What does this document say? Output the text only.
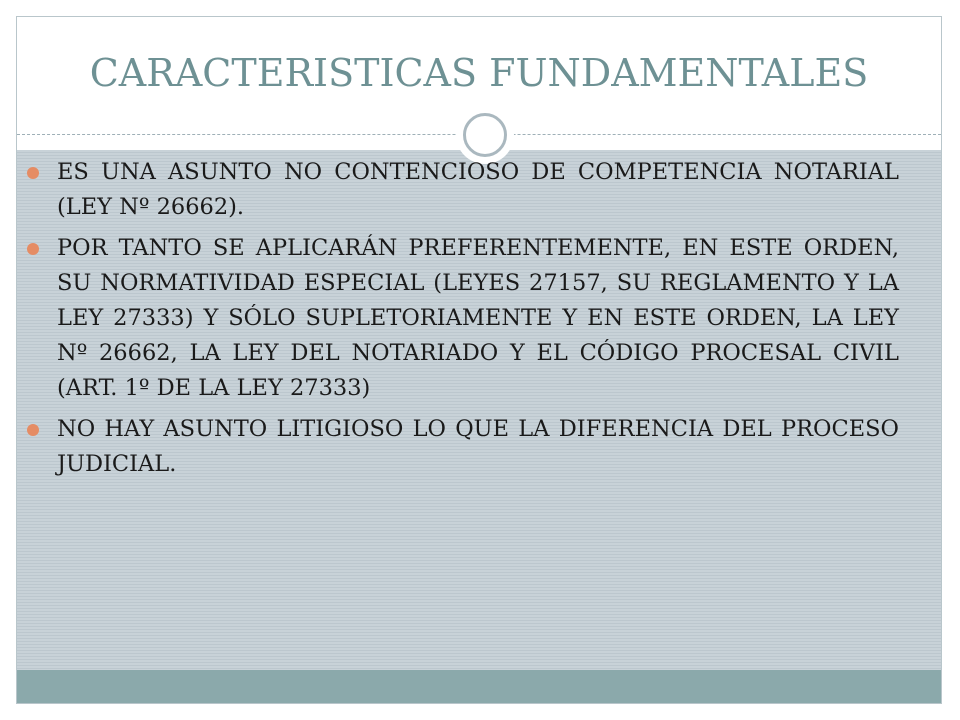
CARACTERISTICAS FUNDAMENTALES
ES UNA ASUNTO NO CONTENCIOSO DE COMPETENCIA NOTARIAL (LEY Nº 26662).
POR TANTO SE APLICARÁN PREFERENTEMENTE, EN ESTE ORDEN, SU NORMATIVIDAD ESPECIAL (LEYES 27157, SU REGLAMENTO Y LA LEY 27333) Y SÓLO SUPLETORIAMENTE Y EN ESTE ORDEN, LA LEY Nº 26662, LA LEY DEL NOTARIADO Y EL CÓDIGO PROCESAL CIVIL (ART. 1º DE LA LEY 27333)
NO HAY ASUNTO LITIGIOSO LO QUE LA DIFERENCIA DEL PROCESO JUDICIAL.
